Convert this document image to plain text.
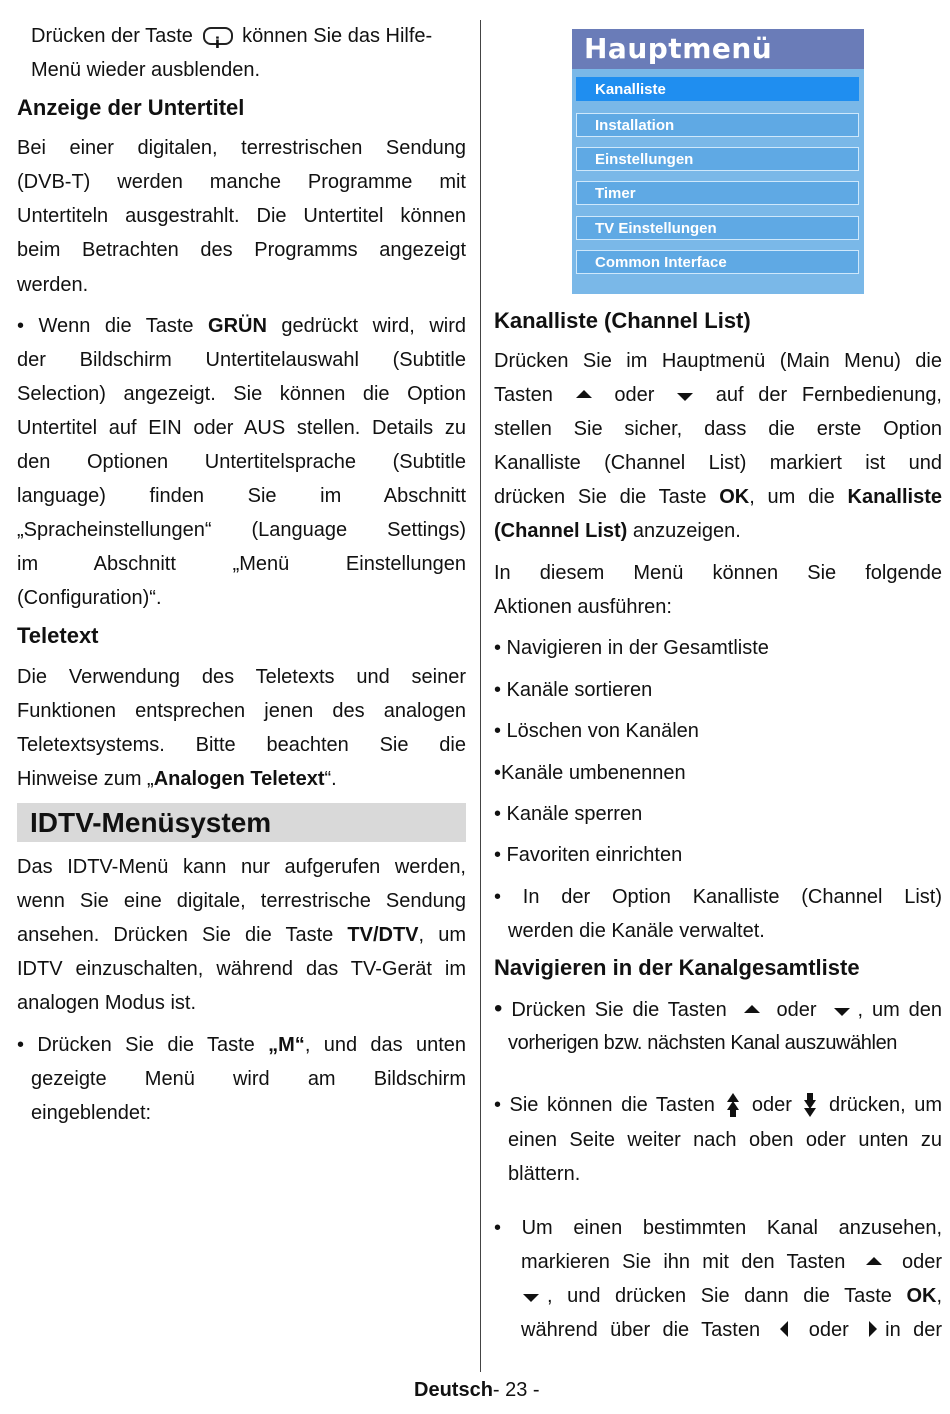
Drücken der Taste i können Sie das Hilfe-

Menü wieder ausblenden.

Anzeige der Untertitel

Bei einer digitalen, terrestrischen Sendung

(DVB-T) werden manche Programme mit

Untertiteln ausgestrahlt. Die Untertitel können

beim Betrachten des Programms angezeigt

werden.

• Wenn die Taste GRÜN gedrückt wird, wird

der Bildschirm Untertitelauswahl (Subtitle

Selection) angezeigt. Sie können die Option

Untertitel auf EIN oder AUS stellen. Details zu

den Optionen Untertitelsprache (Subtitle

language) finden Sie im Abschnitt

„Spracheinstellungen“ (Language Settings)

im Abschnitt „Menü Einstellungen

(Configuration)“.

Teletext

Die Verwendung des Teletexts und seiner

Funktionen entsprechen jenen des analogen

Teletextsystems. Bitte beachten Sie die

Hinweise zum „Analogen Teletext“.

IDTV-Menüsystem

Das IDTV-Menü kann nur aufgerufen werden,

wenn Sie eine digitale, terrestrische Sendung

ansehen. Drücken Sie die Taste TV/DTV, um

IDTV einzuschalten, während das TV-Gerät im

analogen Modus ist.

• Drücken Sie die Taste „M“, und das unten

gezeigte Menü wird am Bildschirm

eingeblendet:

Hauptmenü
Kanalliste
Installation
Einstellungen
Timer
TV Einstellungen
Common Interface
Kanalliste (Channel List)

Drücken Sie im Hauptmenü (Main Menu) die

Tasten	oder	auf der Fernbedienung,

stellen Sie sicher, dass die erste Option

Kanalliste (Channel List) markiert ist und

drücken Sie die Taste OK, um die Kanalliste

(Channel List) anzuzeigen.

In diesem Menü können Sie folgende

Aktionen ausführen:

• Navigieren in der Gesamtliste

• Kanäle sortieren

• Löschen von Kanälen

•Kanäle umbenennen

• Kanäle sperren

• Favoriten einrichten

• In der Option Kanalliste (Channel List)

werden die Kanäle verwaltet.

Navigieren in der Kanalgesamtliste

• Drücken Sie die Tasten oder , um den

vorherigen bzw. nächsten Kanal auszuwählen

• Sie können die Tasten oder drücken, um

einen Seite weiter nach oben oder unten zu

blättern.

• Um einen bestimmten Kanal anzusehen,

markieren Sie ihn mit den Tasten	oder

, und drücken Sie dann die Taste OK,

während über die Tasten oder in der

Deutsch- 23 -
